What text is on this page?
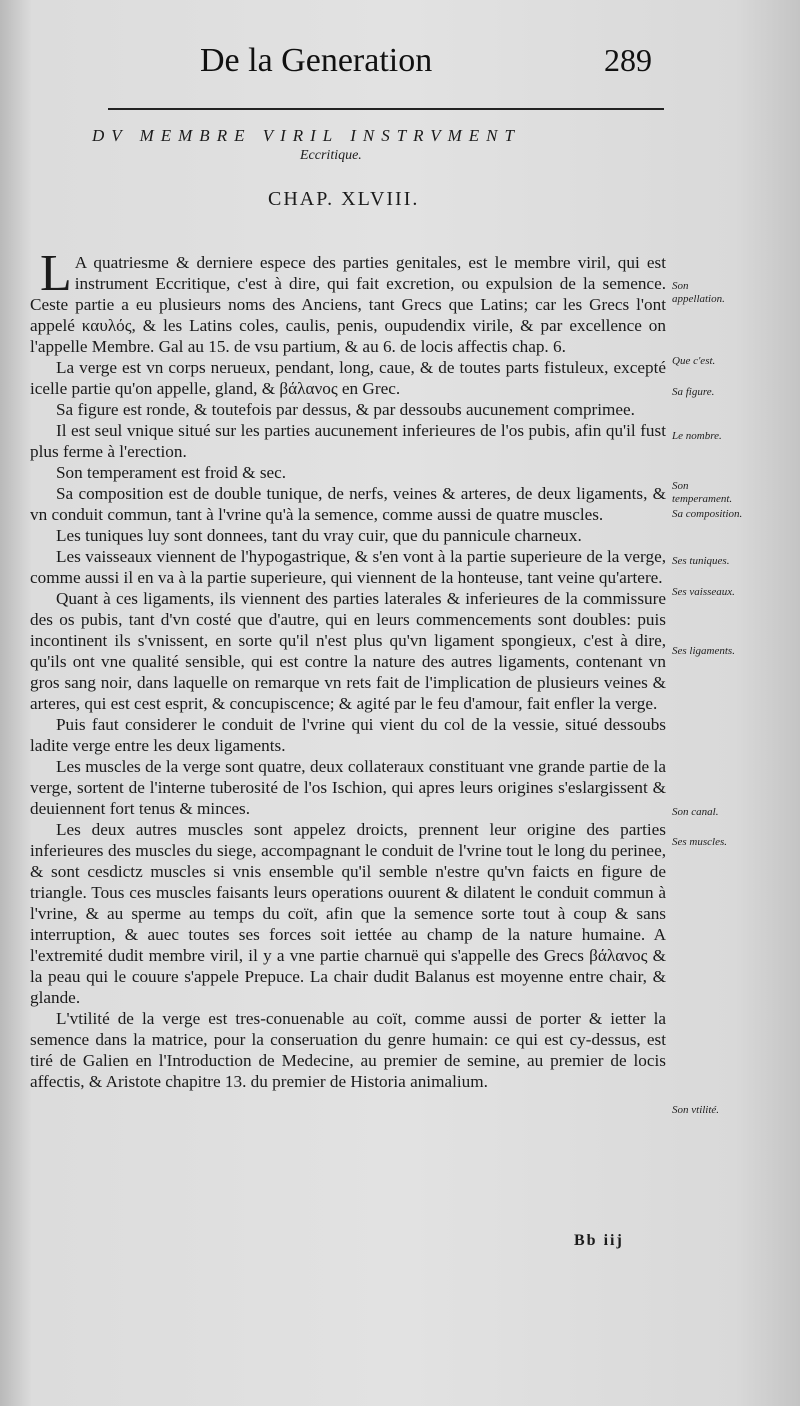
De la Generation	289
DV MEMBRE VIRIL INSTRVMENT
Eccritique.
CHAP. XLVIII.

L A quatriesme & derniere espece des parties genitales, est le membre viril, qui est instrument Eccritique, c'est à dire, qui fait excretion, ou expulsion de la semence. Ceste partie a eu plusieurs noms des Anciens, tant Grecs que Latins; car les Grecs l'ont appelé καυλός, & les Latins coles, caulis, penis, oupudendix virile, & par excellence on l'appelle Membre. Gal au 15. de vsu partium, & au 6. de locis affectis chap. 6.

La verge est vn corps nerueux, pendant, long, caue, & de toutes parts fistuleux, excepté icelle partie qu'on appelle, gland, & βάλανος en Grec.

Sa figure est ronde, & toutefois par dessus, & par dessoubs aucunement comprimee.

Il est seul vnique situé sur les parties aucunement inferieures de l'os pubis, afin qu'il fust plus ferme à l'erection.

Son temperament est froid & sec.

Sa composition est de double tunique, de nerfs, veines & arteres, de deux ligaments, & vn conduit commun, tant à l'vrine qu'à la semence, comme aussi de quatre muscles.

Les tuniques luy sont donnees, tant du vray cuir, que du pannicule charneux.

Les vaisseaux viennent de l'hypogastrique, & s'en vont à la partie superieure de la verge, comme aussi il en va à la partie superieure, qui viennent de la honteuse, tant veine qu'artere.

Quant à ces ligaments, ils viennent des parties laterales & inferieures de la commissure des os pubis, tant d'vn costé que d'autre, qui en leurs commencements sont doubles: puis incontinent ils s'vnissent, en sorte qu'il n'est plus qu'vn ligament spongieux, c'est à dire, qu'ils ont vne qualité sensible, qui est contre la nature des autres ligaments, contenant vn gros sang noir, dans laquelle on remarque vn rets fait de l'implication de plusieurs veines & arteres, qui est cest esprit, & concupiscence; & agité par le feu d'amour, fait enfler la verge.

Puis faut considerer le conduit de l'vrine qui vient du col de la vessie, situé dessoubs ladite verge entre les deux ligaments.

Les muscles de la verge sont quatre, deux collateraux constituant vne grande partie de la verge, sortent de l'interne tuberosité de l'os Ischion, qui apres leurs origines s'eslargissent & deuiennent fort tenus & minces.

Les deux autres muscles sont appelez droicts, prennent leur origine des parties inferieures des muscles du siege, accompagnant le conduit de l'vrine tout le long du perinee, & sont cesdictz muscles si vnis ensemble qu'il semble n'estre qu'vn faicts en figure de triangle. Tous ces muscles faisants leurs operations ouurent & dilatent le conduit commun à l'vrine, & au sperme au temps du coït, afin que la semence sorte tout à coup & sans interruption, & auec toutes ses forces soit iettée au champ de la nature humaine. A l'extremité dudit membre viril, il y a vne partie charnuë qui s'appelle des Grecs βάλανος & la peau qui le couure s'appele Prepuce. La chair dudit Balanus est moyenne entre chair, & glande.

L'vtilité de la verge est tres-conuenable au coït, comme aussi de porter & ietter la semence dans la matrice, pour la conseruation du genre humain: ce qui est cy-dessus, est tiré de Galien en l'Introduction de Medecine, au premier de semine, au premier de locis affectis, & Aristote chapitre 13. du premier de Historia animalium.

Son appellation.
Que c'est.
Sa figure.
Le nombre.
Son temperament.
Sa composition.
Ses tuniques.
Ses vaisseaux.
Ses ligaments.
Son canal.
Ses muscles.
Son vtilité.
Bb iij
